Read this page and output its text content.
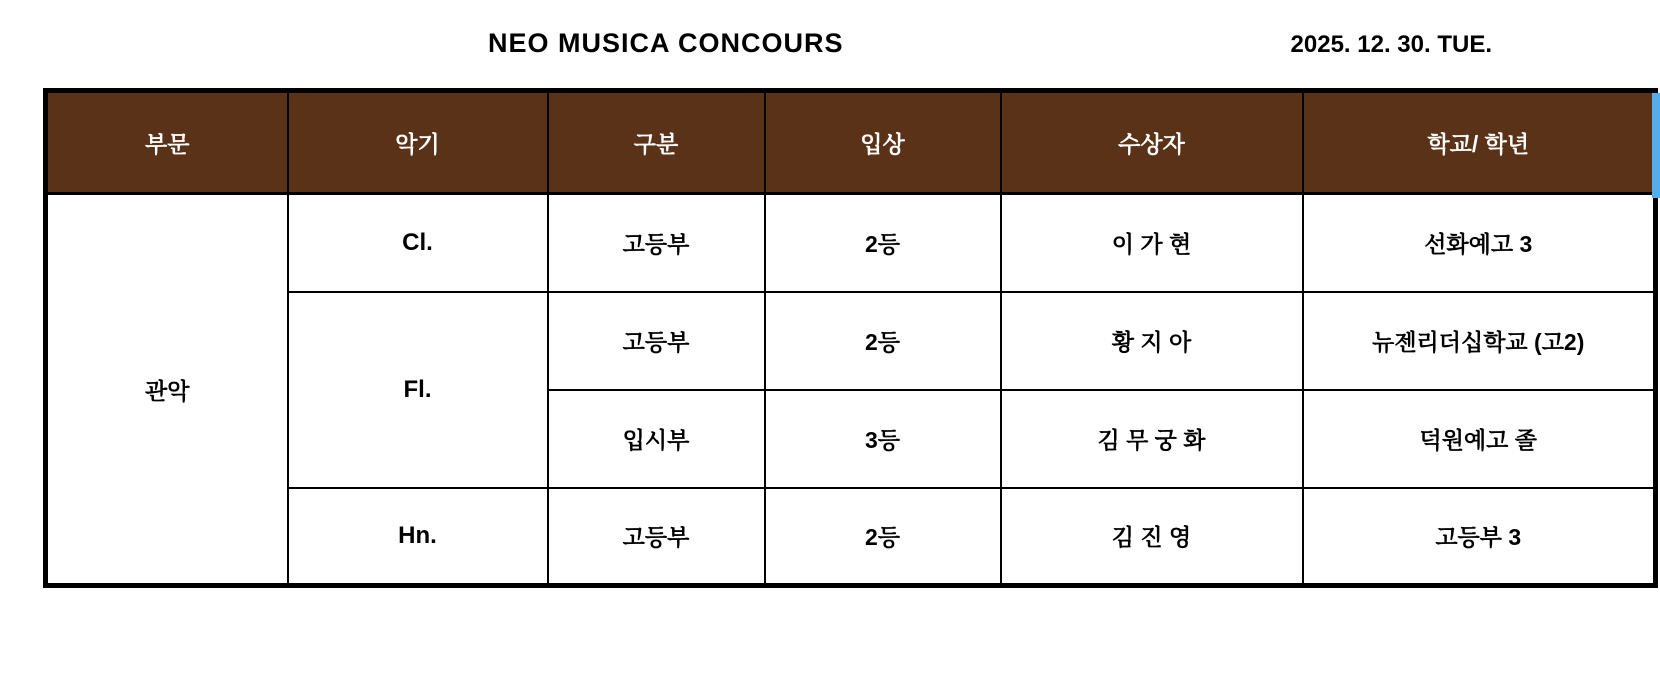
NEO MUSICA CONCOURS	2025. 12. 30. TUE.
부문	악기	구분	입상	수상자	학교/ 학년
관악	Cl.	고등부	2등	이 가 현	선화예고 3
	Fl.	고등부	2등	황 지 아	뉴젠리더십학교 (고2)
		입시부	3등	김 무 궁 화	덕원예고 졸
	Hn.	고등부	2등	김 진 영	고등부 3
